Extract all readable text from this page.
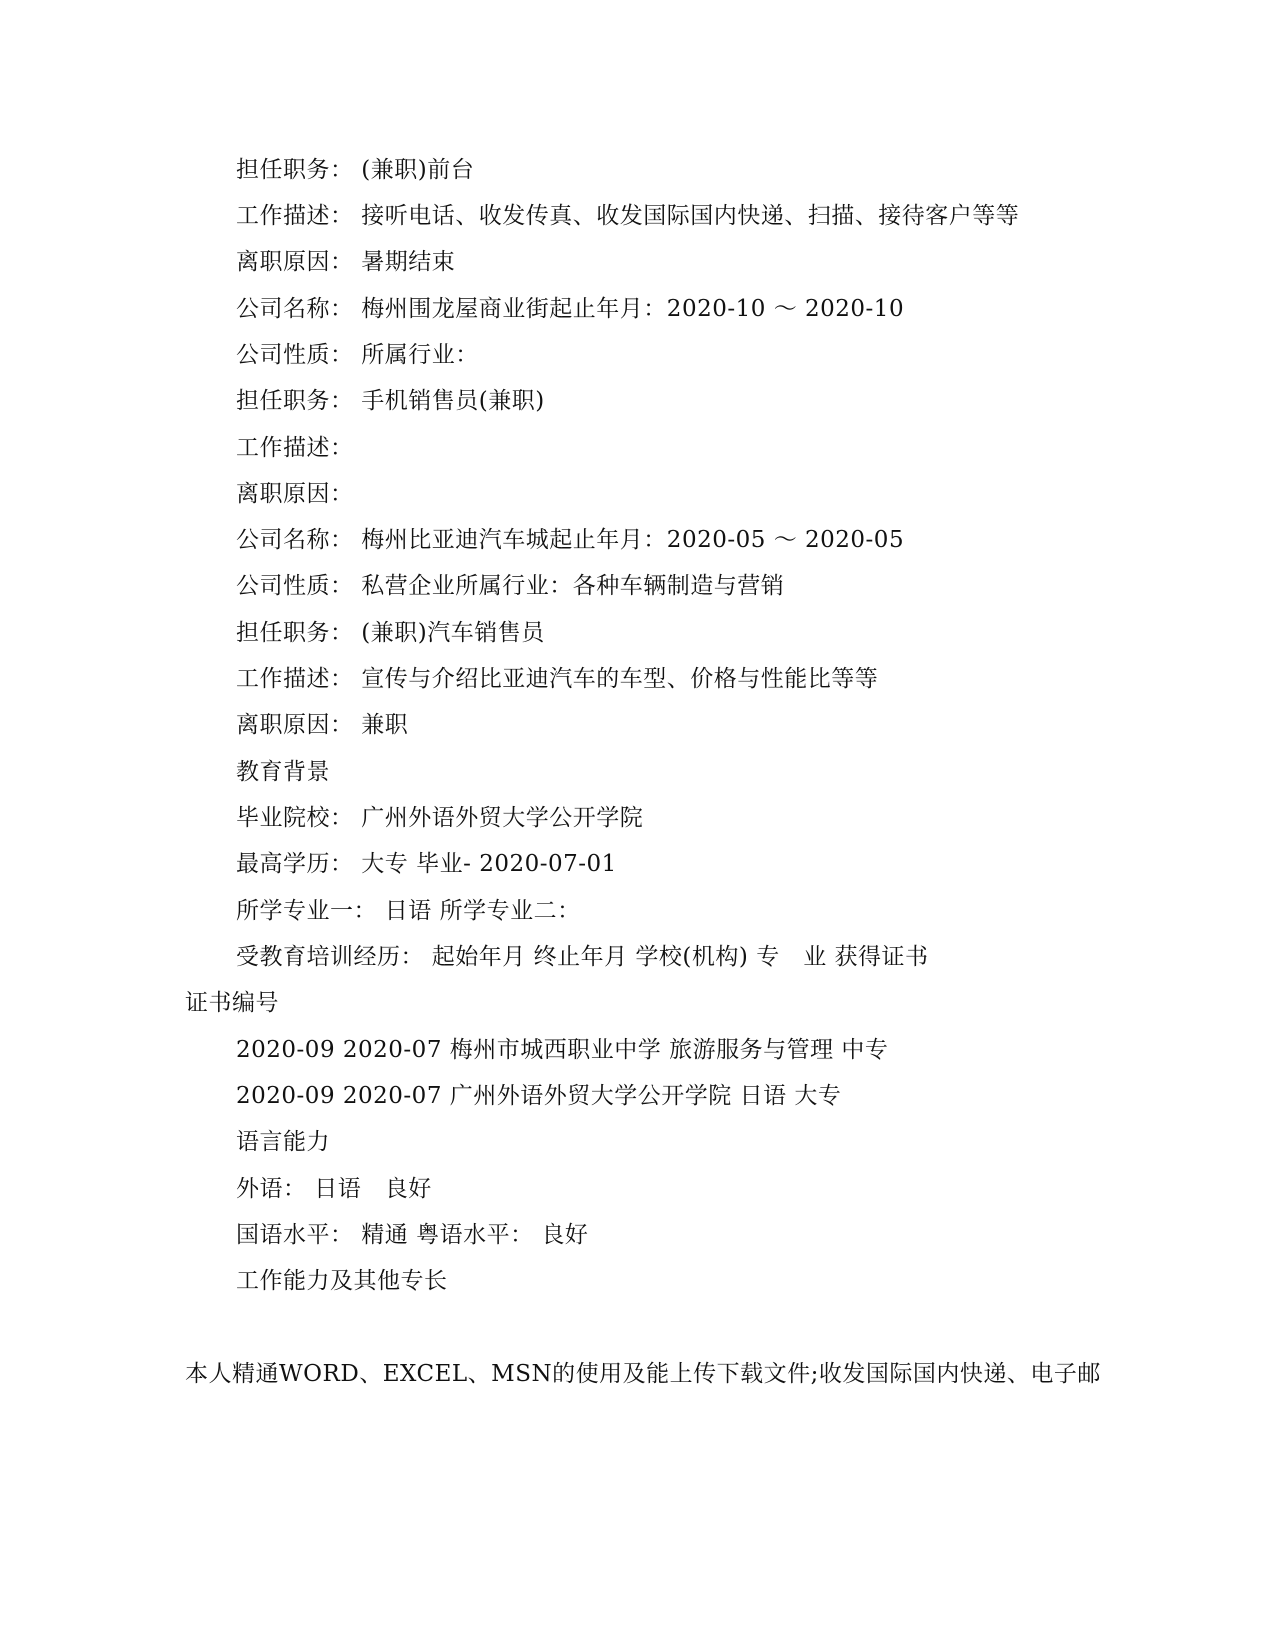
担任职务： (兼职)前台
工作描述： 接听电话、收发传真、收发国际国内快递、扫描、接待客户等等
离职原因： 暑期结束
公司名称： 梅州围龙屋商业街起止年月：2020-10 ～ 2020-10
公司性质： 所属行业：
担任职务： 手机销售员(兼职)
工作描述：
离职原因：
公司名称： 梅州比亚迪汽车城起止年月：2020-05 ～ 2020-05
公司性质： 私营企业所属行业：各种车辆制造与营销
担任职务： (兼职)汽车销售员
工作描述： 宣传与介绍比亚迪汽车的车型、价格与性能比等等
离职原因： 兼职
教育背景
毕业院校： 广州外语外贸大学公开学院
最高学历： 大专 毕业- 2020-07-01
所学专业一： 日语 所学专业二：
受教育培训经历： 起始年月 终止年月 学校(机构) 专　业 获得证书
证书编号
2020-09 2020-07 梅州市城西职业中学 旅游服务与管理 中专
2020-09 2020-07 广州外语外贸大学公开学院 日语 大专
语言能力
外语： 日语　良好
国语水平： 精通 粤语水平： 良好
工作能力及其他专长
本人精通WORD、EXCEL、MSN的使用及能上传下载文件;收发国际国内快递、电子邮
